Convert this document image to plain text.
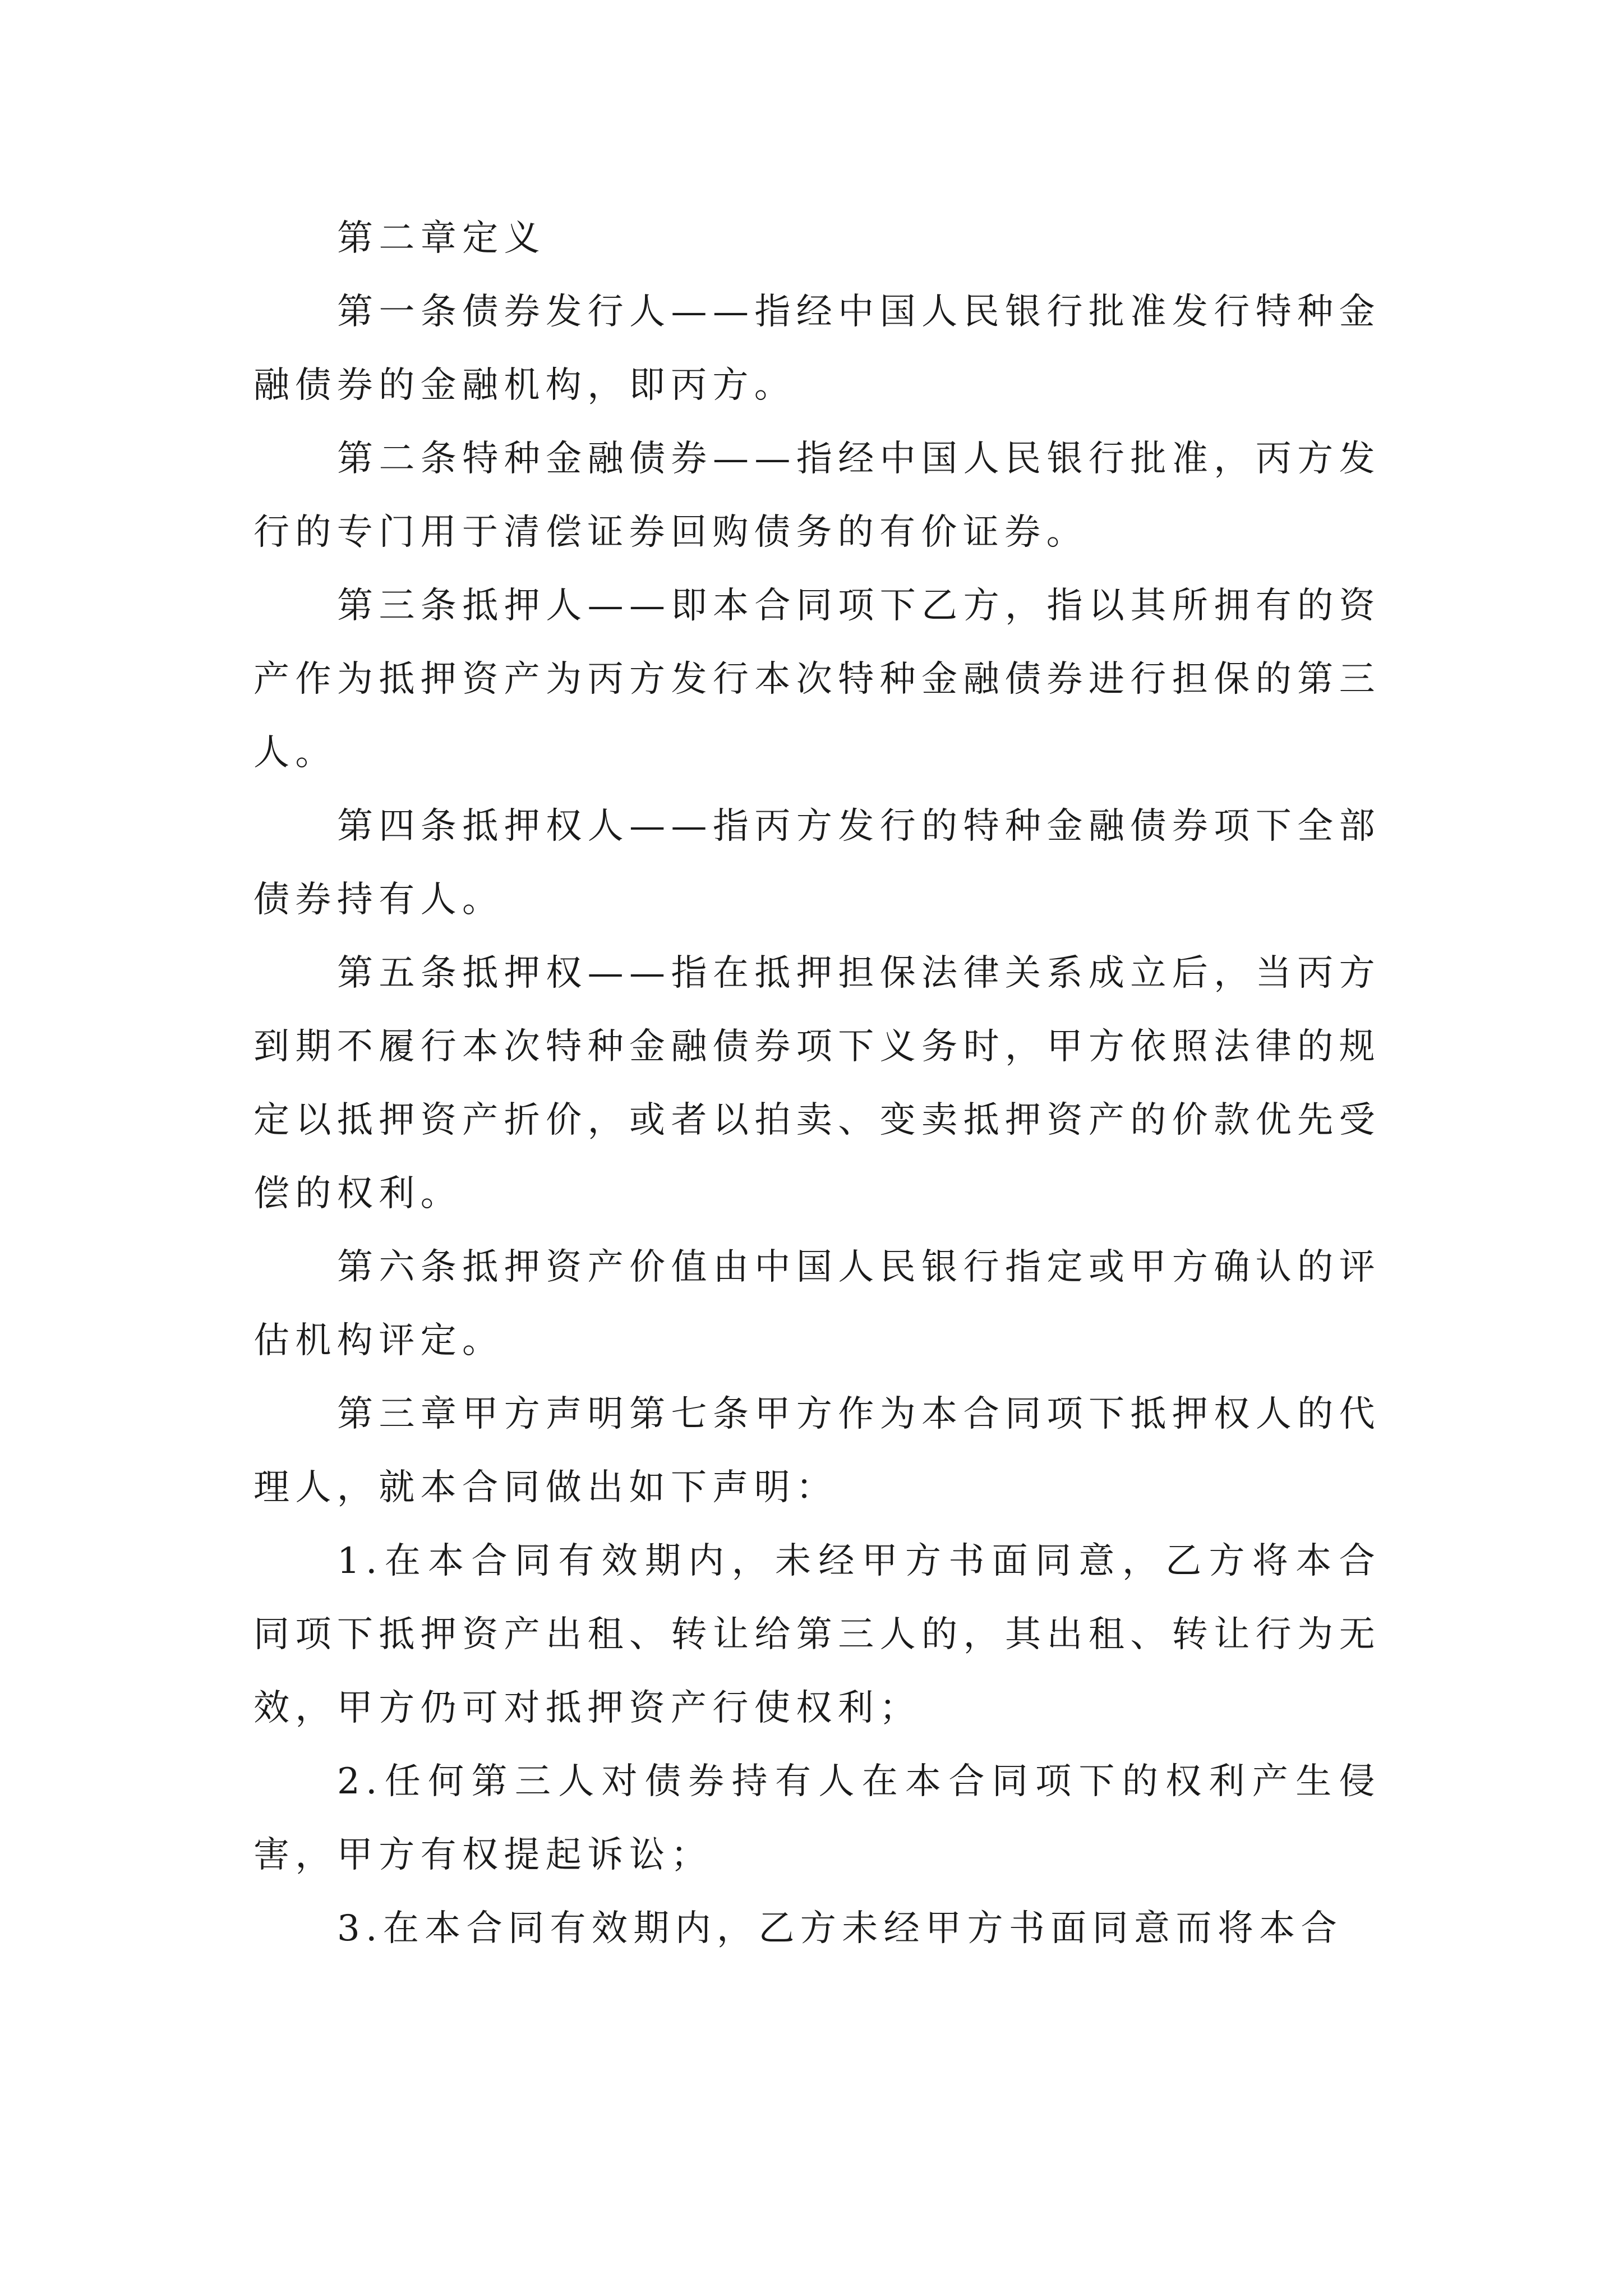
第二章定义

第一条债券发行人——指经中国人民银行批准发行特种金融债券的金融机构，即丙方。

第二条特种金融债券——指经中国人民银行批准，丙方发行的专门用于清偿证券回购债务的有价证券。

第三条抵押人——即本合同项下乙方，指以其所拥有的资产作为抵押资产为丙方发行本次特种金融债券进行担保的第三人。

第四条抵押权人——指丙方发行的特种金融债券项下全部债券持有人。

第五条抵押权——指在抵押担保法律关系成立后，当丙方到期不履行本次特种金融债券项下义务时，甲方依照法律的规定以抵押资产折价，或者以拍卖、变卖抵押资产的价款优先受偿的权利。

第六条抵押资产价值由中国人民银行指定或甲方确认的评估机构评定。

第三章甲方声明第七条甲方作为本合同项下抵押权人的代理人，就本合同做出如下声明：

1.在本合同有效期内，未经甲方书面同意，乙方将本合同项下抵押资产出租、转让给第三人的，其出租、转让行为无效，甲方仍可对抵押资产行使权利；

2.任何第三人对债券持有人在本合同项下的权利产生侵害，甲方有权提起诉讼；

3.在本合同有效期内，乙方未经甲方书面同意而将本合
